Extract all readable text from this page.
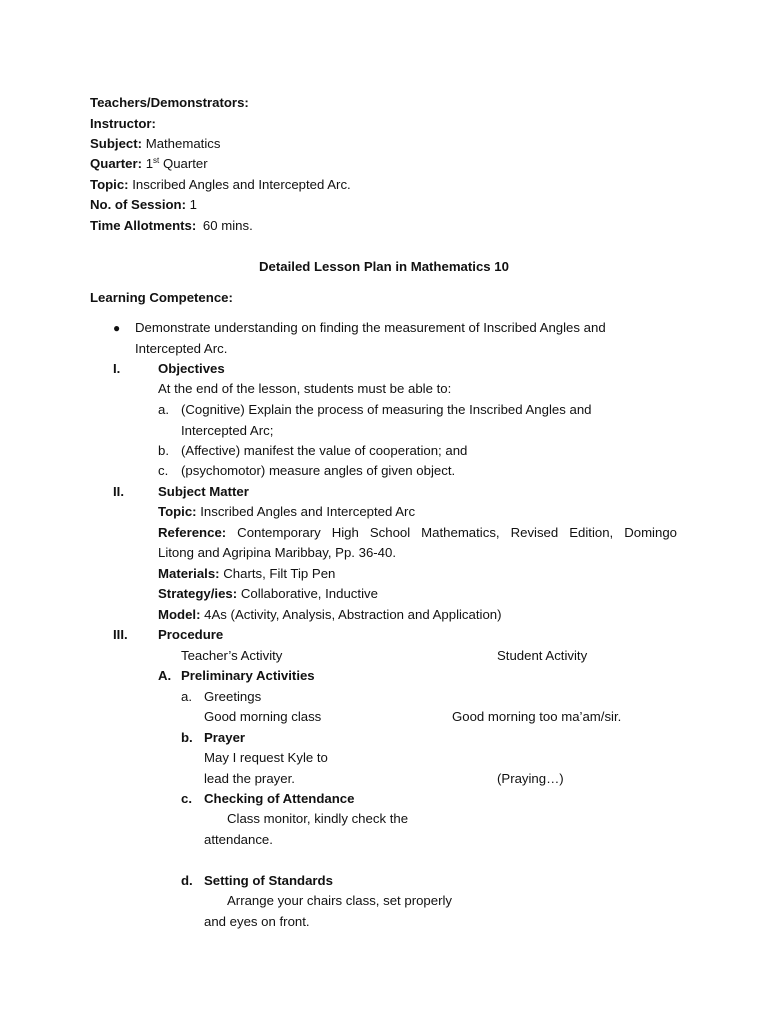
Teachers/Demonstrators:
Instructor:
Subject: Mathematics
Quarter: 1st Quarter
Topic: Inscribed Angles and Intercepted Arc.
No. of Session: 1
Time Allotments: 60 mins.
Detailed Lesson Plan in Mathematics 10
Learning Competence:
● Demonstrate understanding on finding the measurement of Inscribed Angles and
Intercepted Arc.
I.	Objectives
At the end of the lesson, students must be able to:
a. (Cognitive) Explain the process of measuring the Inscribed Angles and
Intercepted Arc;
b. (Affective) manifest the value of cooperation; and
c. (psychomotor) measure angles of given object.
II.	Subject Matter
Topic: Inscribed Angles and Intercepted Arc
Reference: Contemporary High School Mathematics, Revised Edition, Domingo
Litong and Agripina Maribbay, Pp. 36-40.
Materials: Charts, Filt Tip Pen
Strategy/ies: Collaborative, Inductive
Model: 4As (Activity, Analysis, Abstraction and Application)
III. Procedure
Teacher’s Activity	Student Activity
A. Preliminary Activities
a. Greetings
Good morning class	Good morning too ma’am/sir.
b. Prayer
May I request Kyle to
lead the prayer.	(Praying…)
c. Checking of Attendance
Class monitor, kindly check the
attendance.
d. Setting of Standards
Arrange your chairs class, set properly
and eyes on front.
